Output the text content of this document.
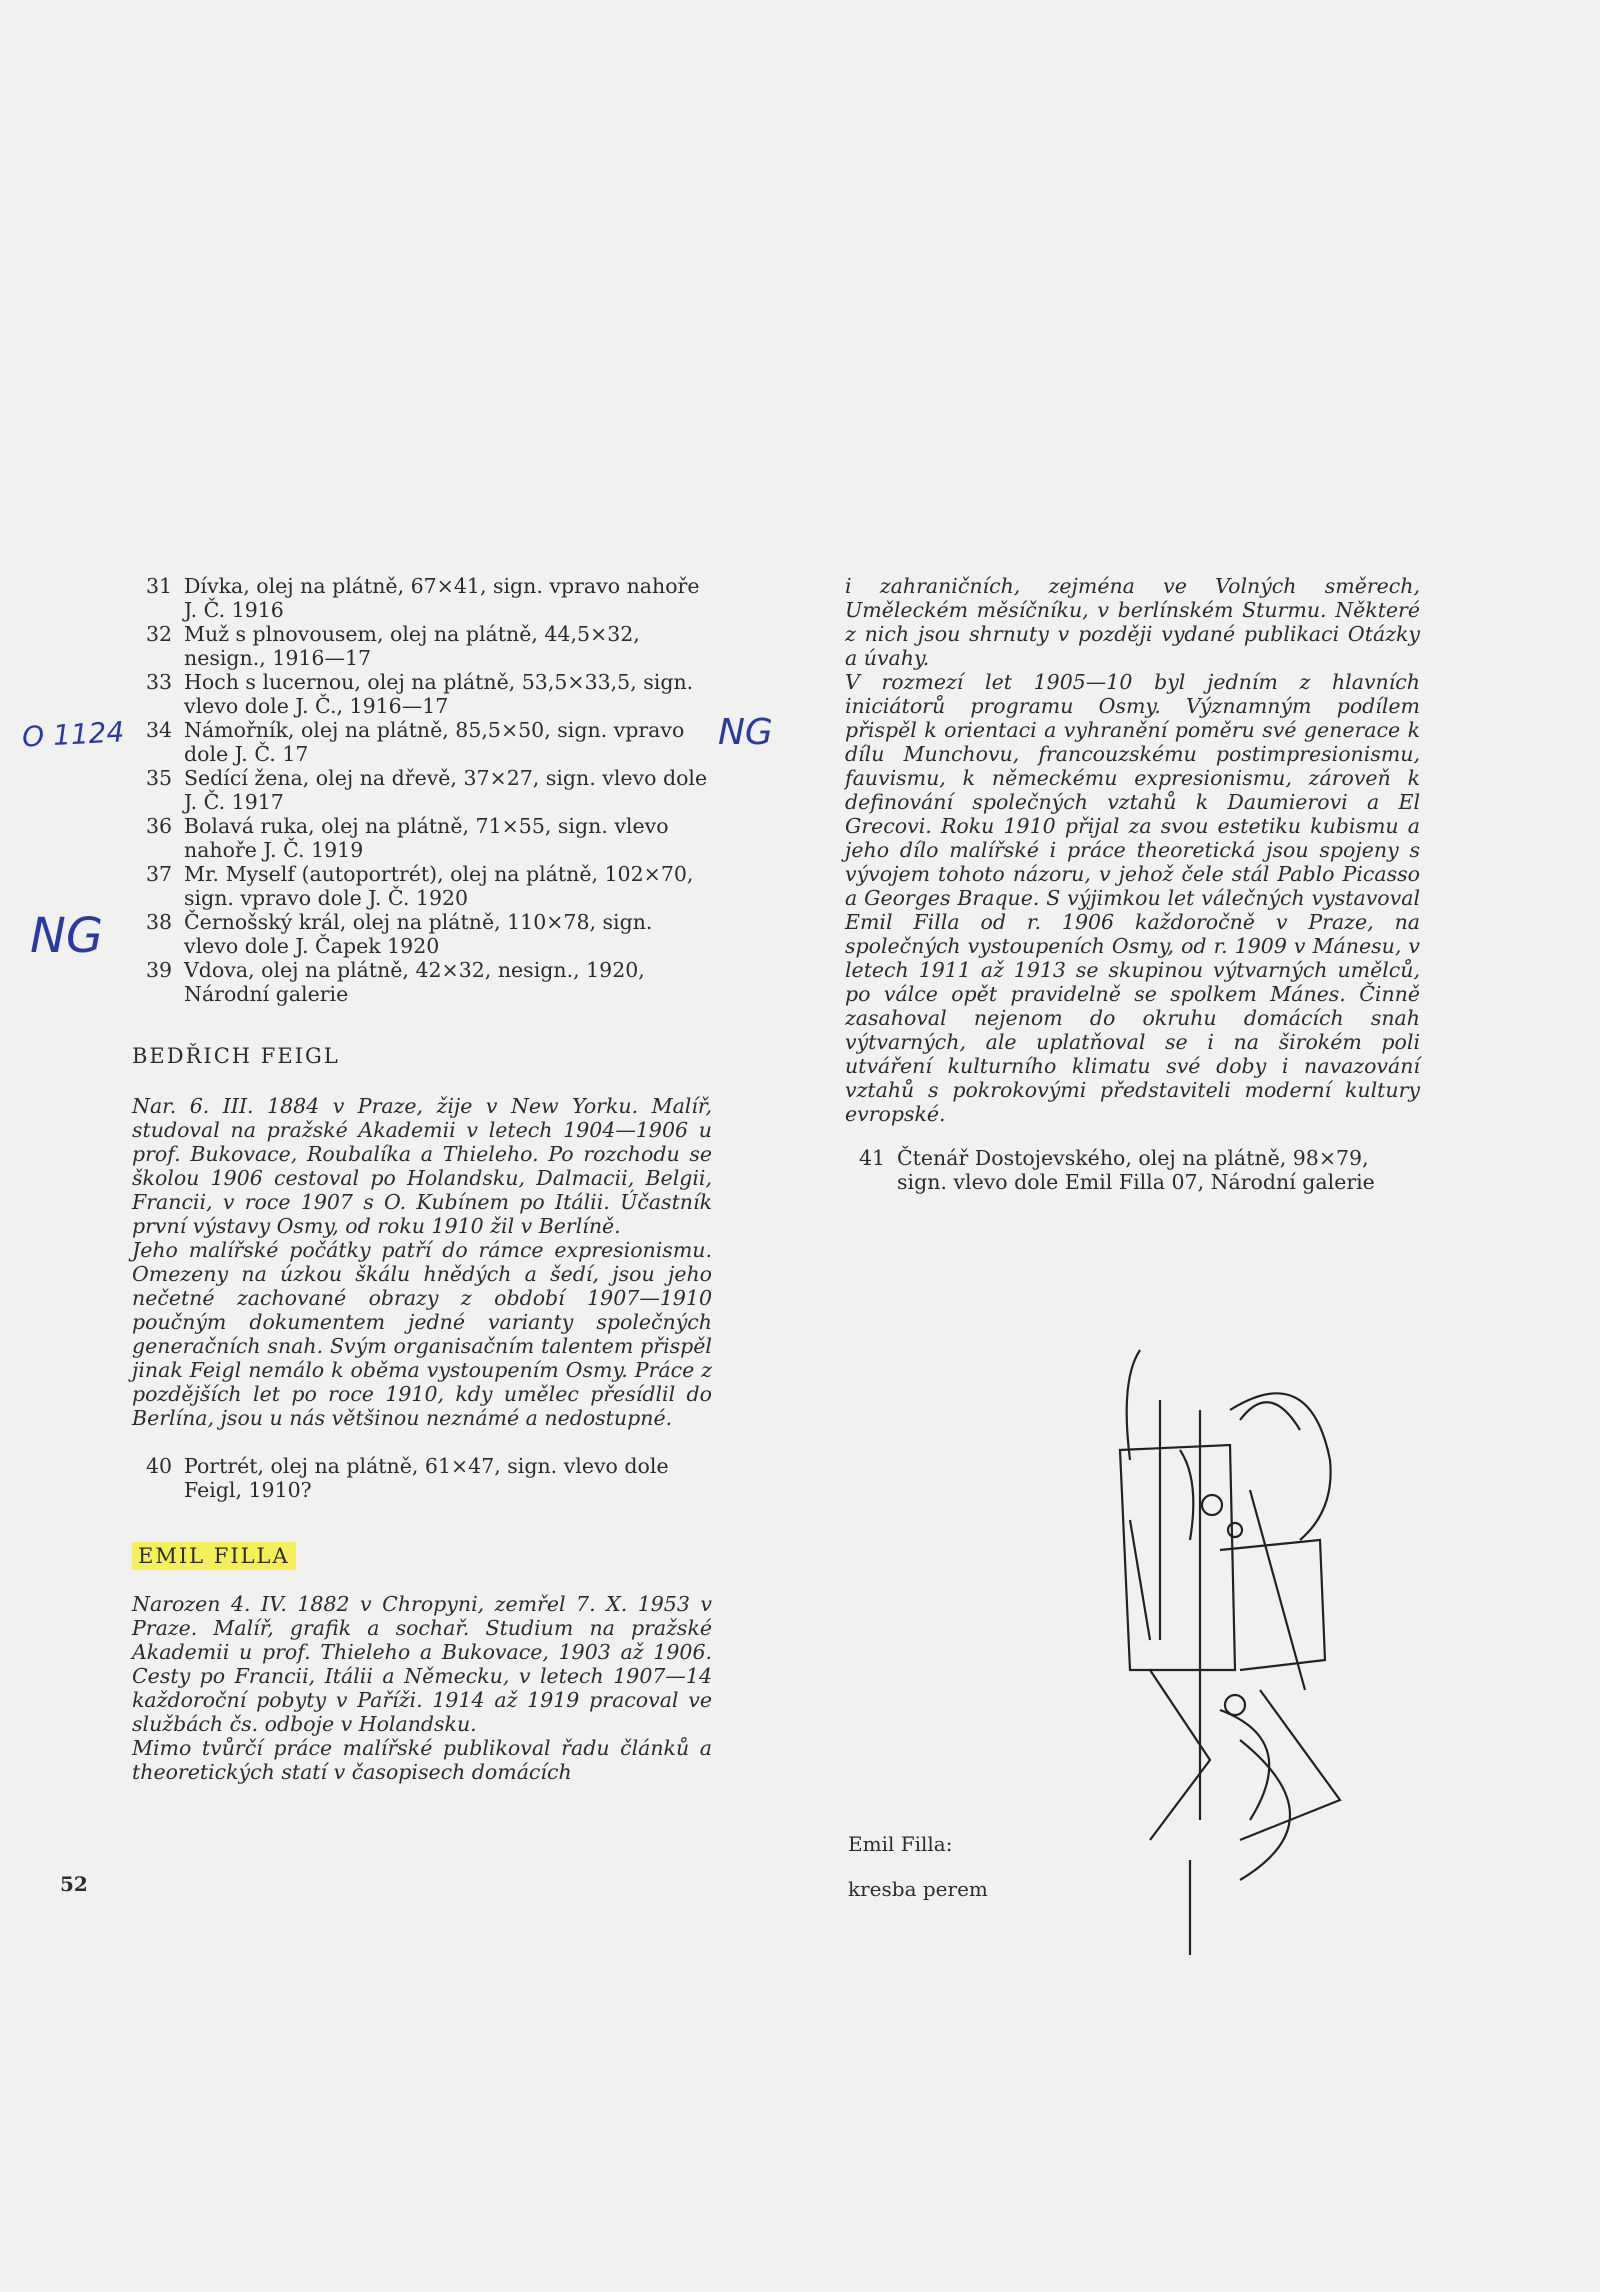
31 Dívka, olej na plátně, 67×41, sign. vpravo nahoře J. Č. 1916
32 Muž s plnovousem, olej na plátně, 44,5×32, nesign., 1916—17
33 Hoch s lucernou, olej na plátně, 53,5×33,5, sign. vlevo dole J. Č., 1916—17
34 Námořník, olej na plátně, 85,5×50, sign. vpravo dole J. Č. 17
35 Sedící žena, olej na dřevě, 37×27, sign. vlevo dole J. Č. 1917
36 Bolavá ruka, olej na plátně, 71×55, sign. vlevo nahoře J. Č. 1919
37 Mr. Myself (autoportrét), olej na plátně, 102×70, sign. vpravo dole J. Č. 1920
38 Černošský král, olej na plátně, 110×78, sign. vlevo dole J. Čapek 1920
39 Vdova, olej na plátně, 42×32, nesign., 1920, Národní galerie

BEDŘICH FEIGL

Nar. 6. III. 1884 v Praze, žije v New Yorku. Malíř, studoval na pražské Akademii v letech 1904—1906 u prof. Bukovace, Roubalíka a Thieleho. Po rozchodu se školou 1906 cestoval po Holandsku, Dalmacii, Belgii, Francii, v roce 1907 s O. Kubínem po Itálii. Účastník první výstavy Osmy, od roku 1910 žil v Berlíně.

Jeho malířské počátky patří do rámce expresionismu. Omezeny na úzkou škálu hnědých a šedí, jsou jeho nečetné zachované obrazy z období 1907—1910 poučným dokumentem jedné varianty společných generačních snah. Svým organisačním talentem přispěl jinak Feigl nemálo k oběma vystoupením Osmy. Práce z pozdějších let po roce 1910, kdy umělec přesídlil do Berlína, jsou u nás většinou neznámé a nedostupné.

40 Portrét, olej na plátně, 61×47, sign. vlevo dole Feigl, 1910?

EMIL FILLA

Narozen 4. IV. 1882 v Chropyni, zemřel 7. X. 1953 v Praze. Malíř, grafik a sochař. Studium na pražské Akademii u prof. Thieleho a Bukovace, 1903 až 1906. Cesty po Francii, Itálii a Německu, v letech 1907—14 každoroční pobyty v Paříži. 1914 až 1919 pracoval ve službách čs. odboje v Holandsku.

Mimo tvůrčí práce malířské publikoval řadu článků a theoretických statí v časopisech domácích

i zahraničních, zejména ve Volných směrech, Uměleckém měsíčníku, v berlínském Sturmu. Některé z nich jsou shrnuty v později vydané publikaci Otázky a úvahy.

V rozmezí let 1905—10 byl jedním z hlavních iniciátorů programu Osmy. Významným podílem přispěl k orientaci a vyhranění poměru své generace k dílu Munchovu, francouzskému postimpresionismu, fauvismu, k německému expresionismu, zároveň k definování společných vztahů k Daumierovi a El Grecovi. Roku 1910 přijal za svou estetiku kubismu a jeho dílo malířské i práce theoretická jsou spojeny s vývojem tohoto názoru, v jehož čele stál Pablo Picasso a Georges Braque. S výjimkou let válečných vystavoval Emil Filla od r. 1906 každoročně v Praze, na společných vystoupeních Osmy, od r. 1909 v Mánesu, v letech 1911 až 1913 se skupinou výtvarných umělců, po válce opět pravidelně se spolkem Mánes. Činně zasahoval nejenom do okruhu domácích snah výtvarných, ale uplatňoval se i na širokém poli utváření kulturního klimatu své doby i navazování vztahů s pokrokovými představiteli moderní kultury evropské.

41 Čtenář Dostojevského, olej na plátně, 98×79, sign. vlevo dole Emil Filla 07, Národní galerie
Emil Filla:
kresba perem
O 1124	NG
NG
52
